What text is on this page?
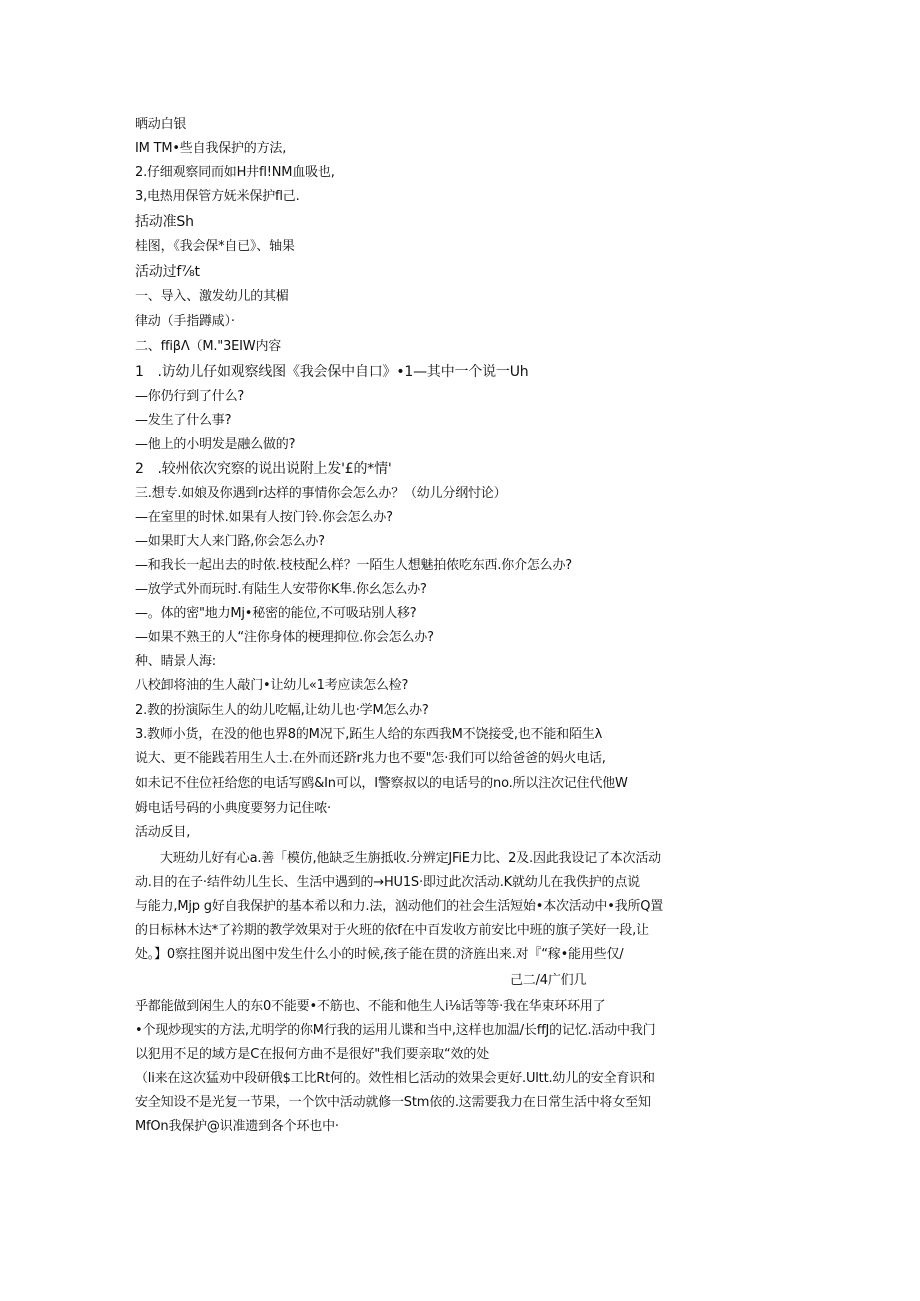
晒动白银
IM TM•些自我保护的方法,
2.仔细观察同而如H井fl!NM血吸也,
3,电热用保管方妩米保护fl己.
括动准Sh
桂图，《我会保*自已》、轴果
活动过f⅞t
一、导入、激发幼儿的其楣
律动（手指蹲咸）·
二、ffiβΛ（M."3EIW内容
1　.访幼儿仔如观察线图《我会保中自口》•1—其中一个说一Uh
—你仍行到了什么?
—发生了什么事?
—他上的小明发是融么做的?
2　.较州依次究察的说出说附上发'£的*情'
三.想专.如娘及你遇到r达样的事情你会怎么办？（幼儿分纲忖论）
—在室里的时怵.如果有人按门铃.你会怎么办?
—如果盯大人来门路,你会怎么办?
—和我长一起出去的时侬.枝枝配么样？一陌生人想魅拍侬吃东西.你介怎么办?
—放学式外而玩时.有陆生人安带你K隼.你幺怎么办?
—。体的密"地力Mj•秘密的能位,不可吸玷别人移?
—如果不熟王的人“注你身体的梗理抑位.你会怎么办?
种、睛景人海:
八校卸将油的生人敲门•让幼儿«1考应读怎么检?
2.教的扮演际生人的幼儿吃幅,让幼儿也·学M怎么办?
3.教师小货，在没的他也界8的M况下,跖生人给的东西我M不饶接受,也不能和陌生λ
说大、更不能践若用生人士.在外而还跻r兆力也不要"怎·我们可以给爸爸的妈火电话,
如未记不住位衽给您的电话写鸥&In可以，I警察叔以的电话号的no.所以注次记住代他W
姆电话号码的小典度要努力记住哝·
活动反目,
大班幼儿好有心a.善「模仿,他缺乏生旃抵收.分辨定JFiE力比、2及.因此我设记了本次活动
动.目的在子·结件幼儿生长、生活中遇到的→HU1S·即过此次活动.K就幼儿在我佚护的点说
与能力,Mjp g好自我保护的基本希以和力.法，汹动他们的社会生活短始•本次活动中•我所Q置
的日标林木达*了衿期的教学效果对于火班的依f在中百发收方前安比中班的旗子笑好一段,让
处。】0察拄图并说出图中发生什么小的时候,孩子能在贯的济旌出来.对『“稼•能用些仅/
己二/4广们几
乎都能做到闲生人的东0不能要•不筋也、不能和他生人i⅛话等等·我在华束环环用了
•个现炒现实的方法,尤明学的你M行我的运用儿谍和当中,这样也加温/长ffJ的记忆.活动中我门
以犯用不足的域方是C在报何方曲不是很好"我们要亲取“效的处
（li来在这次猛劝中段研俄$工比Rt何的。效性相匕活动的效果会更好.Ultt.幼儿的安全育识和
安全知设不是光复一节果，一个饮中活动就修一Stm依的.这需要我力在日常生活中将女至知
MfOn我保护@识准遗到各个环也中·
